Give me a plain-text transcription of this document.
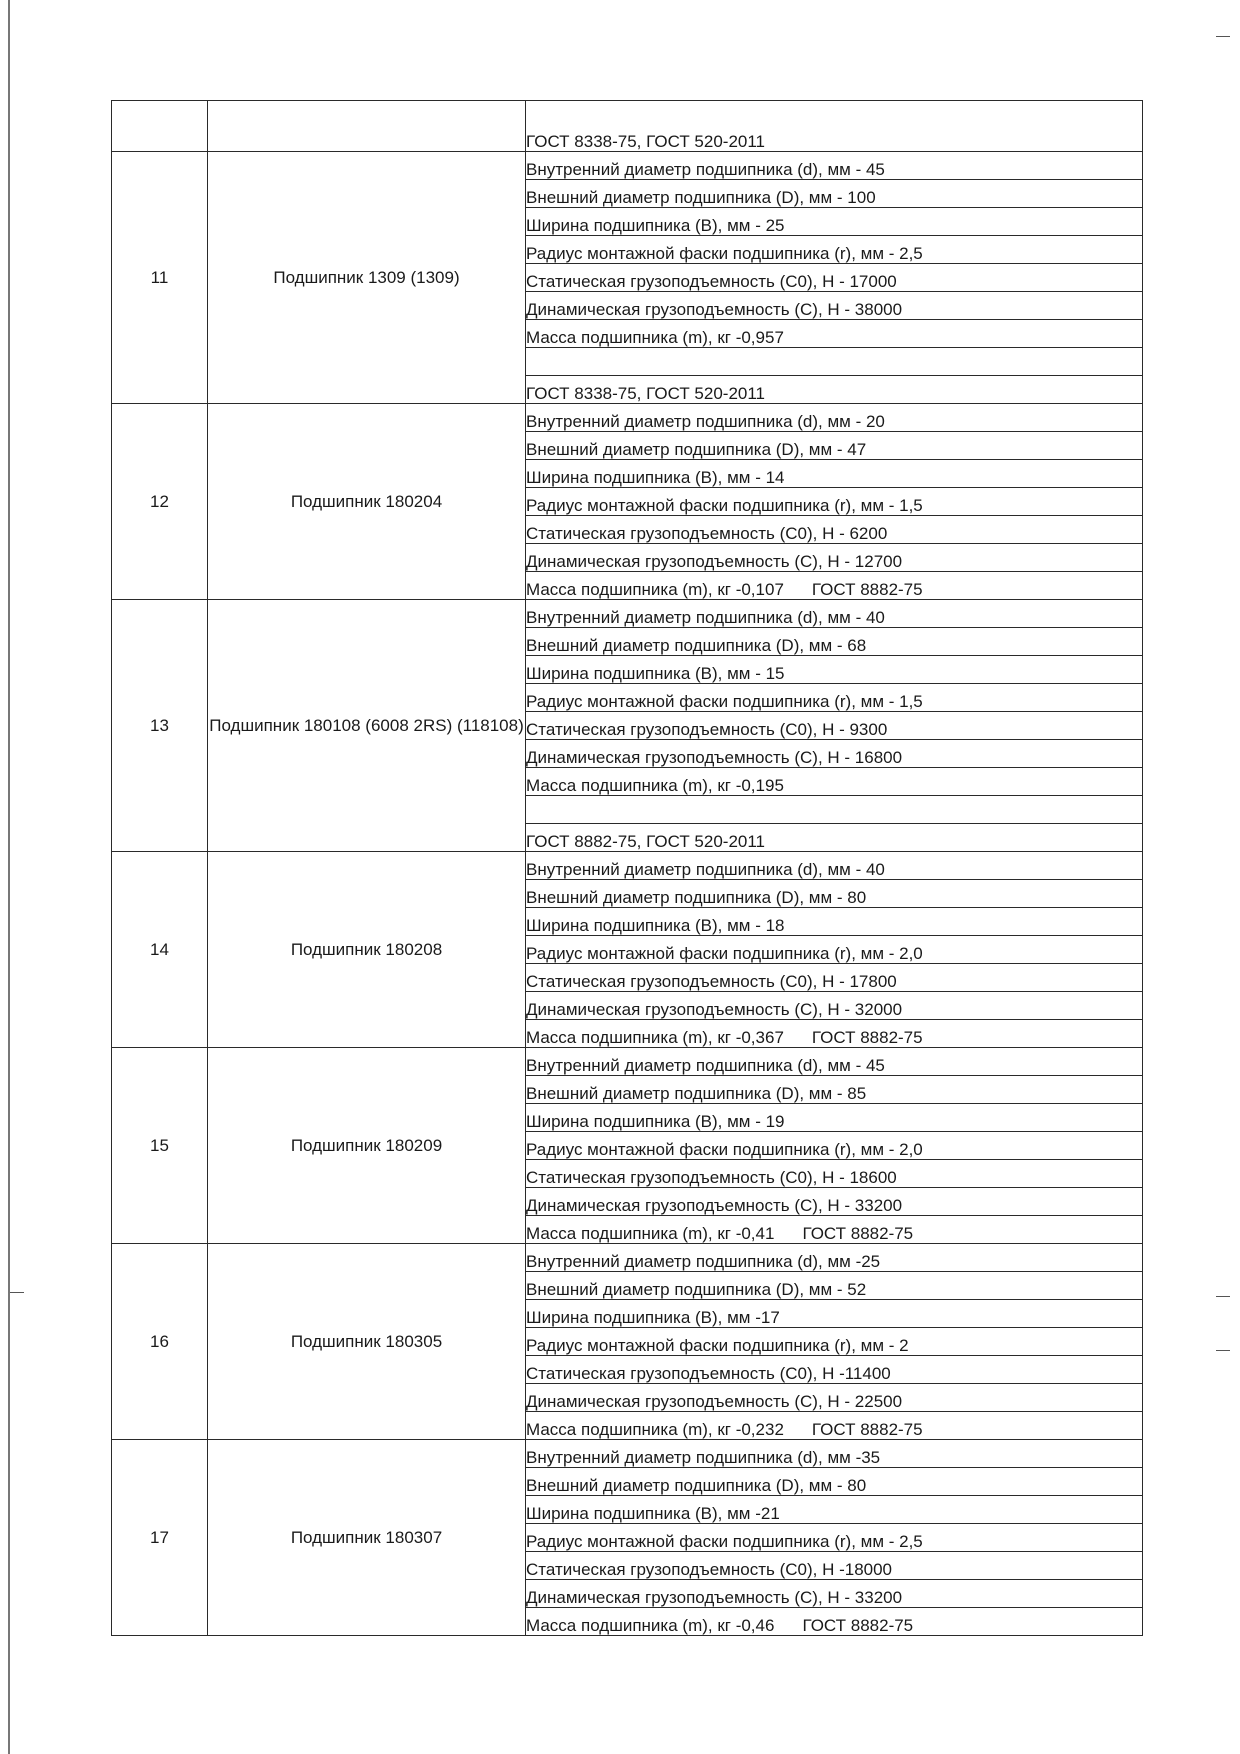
		ГОСТ 8338-75, ГОСТ 520-2011
11	Подшипник 1309 (1309)	Внутренний диаметр подшипника (d), мм - 45
		Внешний диаметр подшипника (D), мм - 100
		Ширина подшипника (B), мм - 25
		Радиус монтажной фаски подшипника (r), мм - 2,5
		Статическая грузоподъемность (C0), Н - 17000
		Динамическая грузоподъемность (C), Н - 38000
		Масса подшипника (m), кг -0,957

		ГОСТ 8338-75, ГОСТ 520-2011
12	Подшипник 180204	Внутренний диаметр подшипника (d), мм - 20
		Внешний диаметр подшипника (D), мм - 47
		Ширина подшипника (B), мм - 14
		Радиус монтажной фаски подшипника (r), мм - 1,5
		Статическая грузоподъемность (C0), Н - 6200
		Динамическая грузоподъемность (C), Н - 12700
		Масса подшипника (m), кг -0,107 ГОСТ 8882-75
13	Подшипник 180108 (6008 2RS) (118108)	Внутренний диаметр подшипника (d), мм - 40
		Внешний диаметр подшипника (D), мм - 68
		Ширина подшипника (B), мм - 15
		Радиус монтажной фаски подшипника (r), мм - 1,5
		Статическая грузоподъемность (C0), Н - 9300
		Динамическая грузоподъемность (C), Н - 16800
		Масса подшипника (m), кг -0,195

		ГОСТ 8882-75, ГОСТ 520-2011
14	Подшипник 180208	Внутренний диаметр подшипника (d), мм - 40
		Внешний диаметр подшипника (D), мм - 80
		Ширина подшипника (B), мм - 18
		Радиус монтажной фаски подшипника (r), мм - 2,0
		Статическая грузоподъемность (C0), Н - 17800
		Динамическая грузоподъемность (C), Н - 32000
		Масса подшипника (m), кг -0,367 ГОСТ 8882-75
15	Подшипник 180209	Внутренний диаметр подшипника (d), мм - 45
		Внешний диаметр подшипника (D), мм - 85
		Ширина подшипника (B), мм - 19
		Радиус монтажной фаски подшипника (r), мм - 2,0
		Статическая грузоподъемность (C0), Н - 18600
		Динамическая грузоподъемность (C), Н - 33200
		Масса подшипника (m), кг -0,41 ГОСТ 8882-75
16	Подшипник 180305	Внутренний диаметр подшипника (d), мм -25
		Внешний диаметр подшипника (D), мм - 52
		Ширина подшипника (B), мм -17
		Радиус монтажной фаски подшипника (r), мм - 2
		Статическая грузоподъемность (C0), Н -11400
		Динамическая грузоподъемность (C), Н - 22500
		Масса подшипника (m), кг -0,232 ГОСТ 8882-75
17	Подшипник 180307	Внутренний диаметр подшипника (d), мм -35
		Внешний диаметр подшипника (D), мм - 80
		Ширина подшипника (B), мм -21
		Радиус монтажной фаски подшипника (r), мм - 2,5
		Статическая грузоподъемность (C0), Н -18000
		Динамическая грузоподъемность (C), Н - 33200
		Масса подшипника (m), кг -0,46 ГОСТ 8882-75
